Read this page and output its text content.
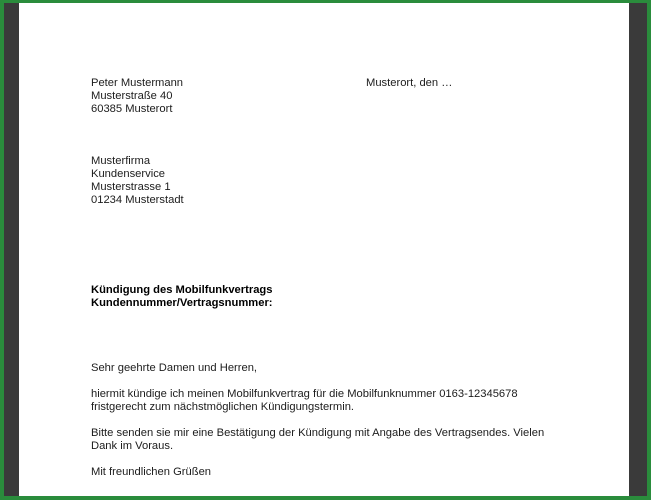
Peter Mustermann
Musterstraße 40
60385 Musterort
Musterort, den …
Musterfirma
Kundenservice
Musterstrasse 1
01234 Musterstadt
Kündigung des Mobilfunkvertrags
Kundennummer/Vertragsnummer:
Sehr geehrte Damen und Herren,
hiermit kündige ich meinen Mobilfunkvertrag für die Mobilfunknummer 0163-12345678
fristgerecht zum nächstmöglichen Kündigungstermin.
Bitte senden sie mir eine Bestätigung der Kündigung mit Angabe des Vertragsendes. Vielen
Dank im Voraus.
Mit freundlichen Grüßen
